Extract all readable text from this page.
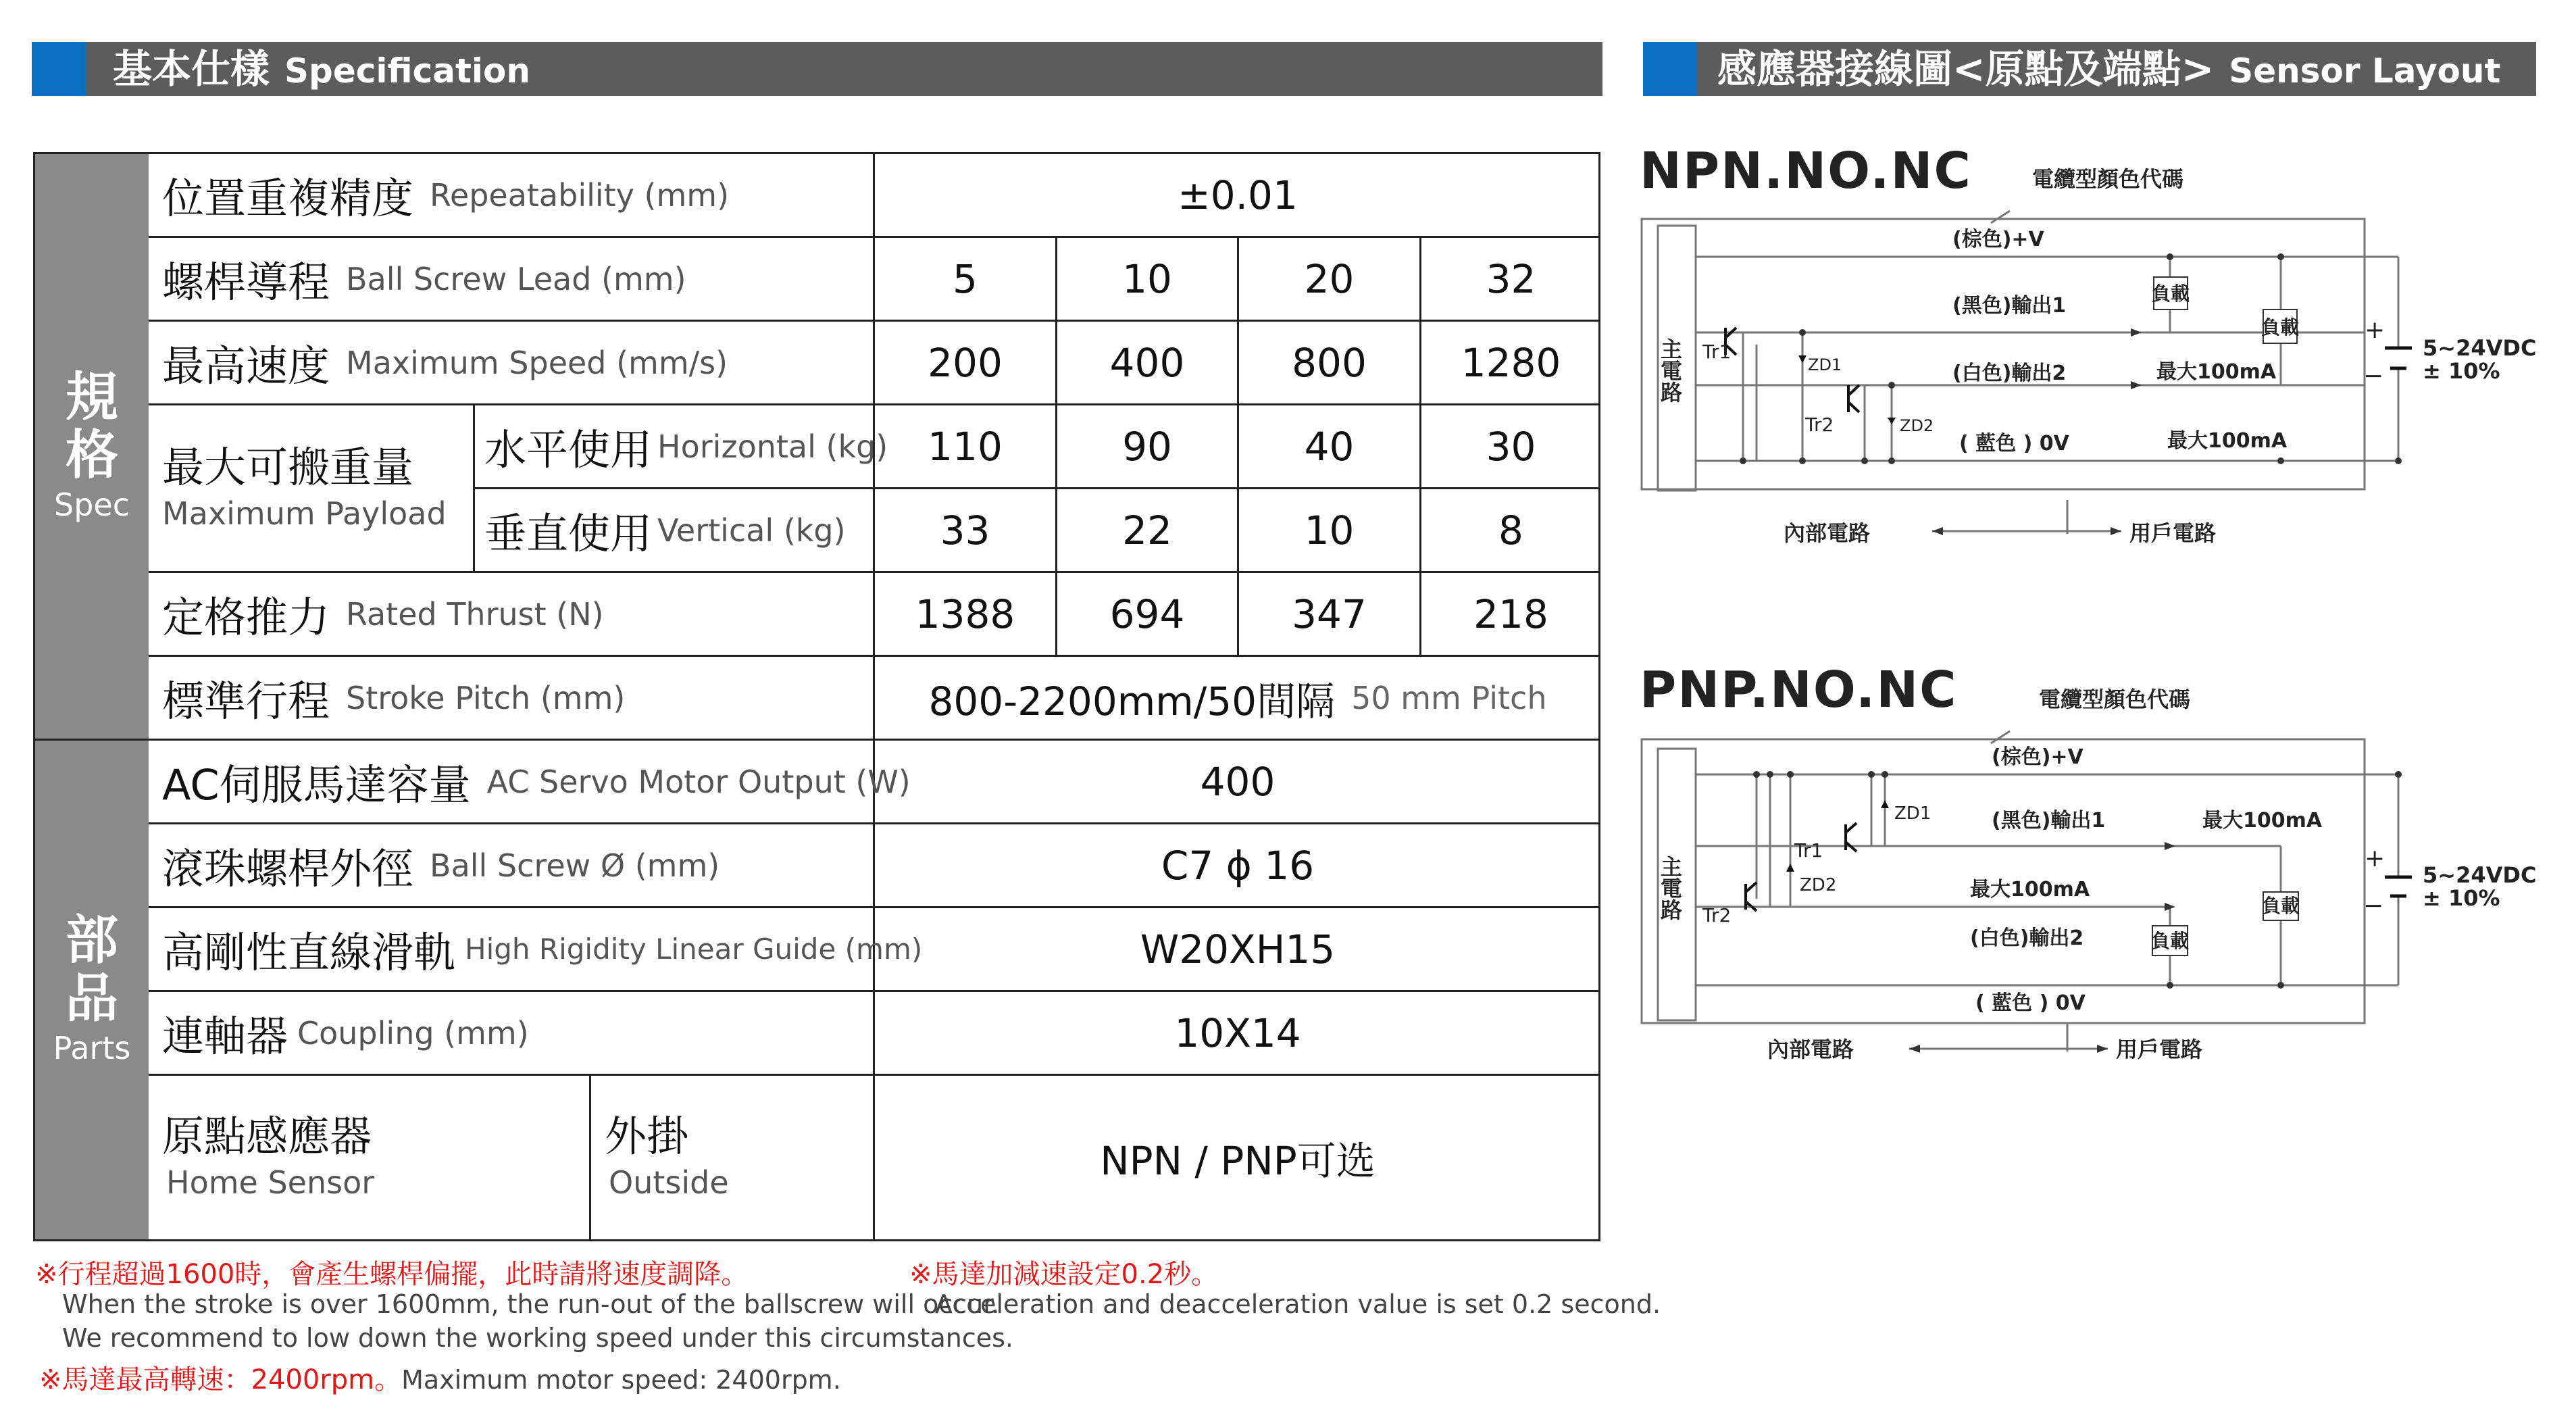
基本仕樣 Specification	感應器接線圖<原點及端點> Sensor Layout
規格
Spec
部品
Parts
位置重複精度 Repeatability (mm)	±0.01
螺桿導程 Ball Screw Lead (mm)	5	10	20	32
最高速度 Maximum Speed (mm/s)	200	400	800	1280
最大可搬重量
Maximum Payload
水平使用 Horizontal (kg)	110	90	40	30
垂直使用 Vertical (kg)	33	22	10	8
定格推力 Rated Thrust (N)	1388	694	347	218
標準行程 Stroke Pitch (mm)	800-2200mm/50間隔 50 mm Pitch
AC伺服馬達容量 AC Servo Motor Output (W)	400
滾珠螺桿外徑 Ball Screw Ø (mm)	C7 ϕ 16
高剛性直線滑軌 High Rigidity Linear Guide (mm)	W20XH15
連軸器 Coupling (mm)	10X14
原點感應器
Home Sensor
外掛
Outside	NPN / PNP可选
※行程超過1600時，會產生螺桿偏擺，此時請將速度調降。
When the stroke is over 1600mm, the run-out of the ballscrew will occur.
We recommend to low down the working speed under this circumstances.
※馬達最高轉速：2400rpm。Maximum motor speed: 2400rpm.
※馬達加減速設定0.2秒。
Acceleration and deacceleration value is set 0.2 second.
NPN.NO.NC
主電路 Tr1
ZD1
Tr2	ZD2
電纜型顏色代碼
(棕色)+V
(黑色)輸出1
(白色)輸出2
( 藍色 ) 0V
負載
負載
最大100mA
最大100mA
+
−
5~24VDC
± 10%
內部電路	用戶電路
PNP.NO.NC
主電路 Tr2
ZD2
Tr1
ZD1
電纜型顏色代碼
(棕色)+V
(黑色)輸出1	最大100mA
最大100mA
(白色)輸出2
( 藍色 ) 0V
負載
負載
+
−
5~24VDC
± 10%
內部電路	用戶電路
